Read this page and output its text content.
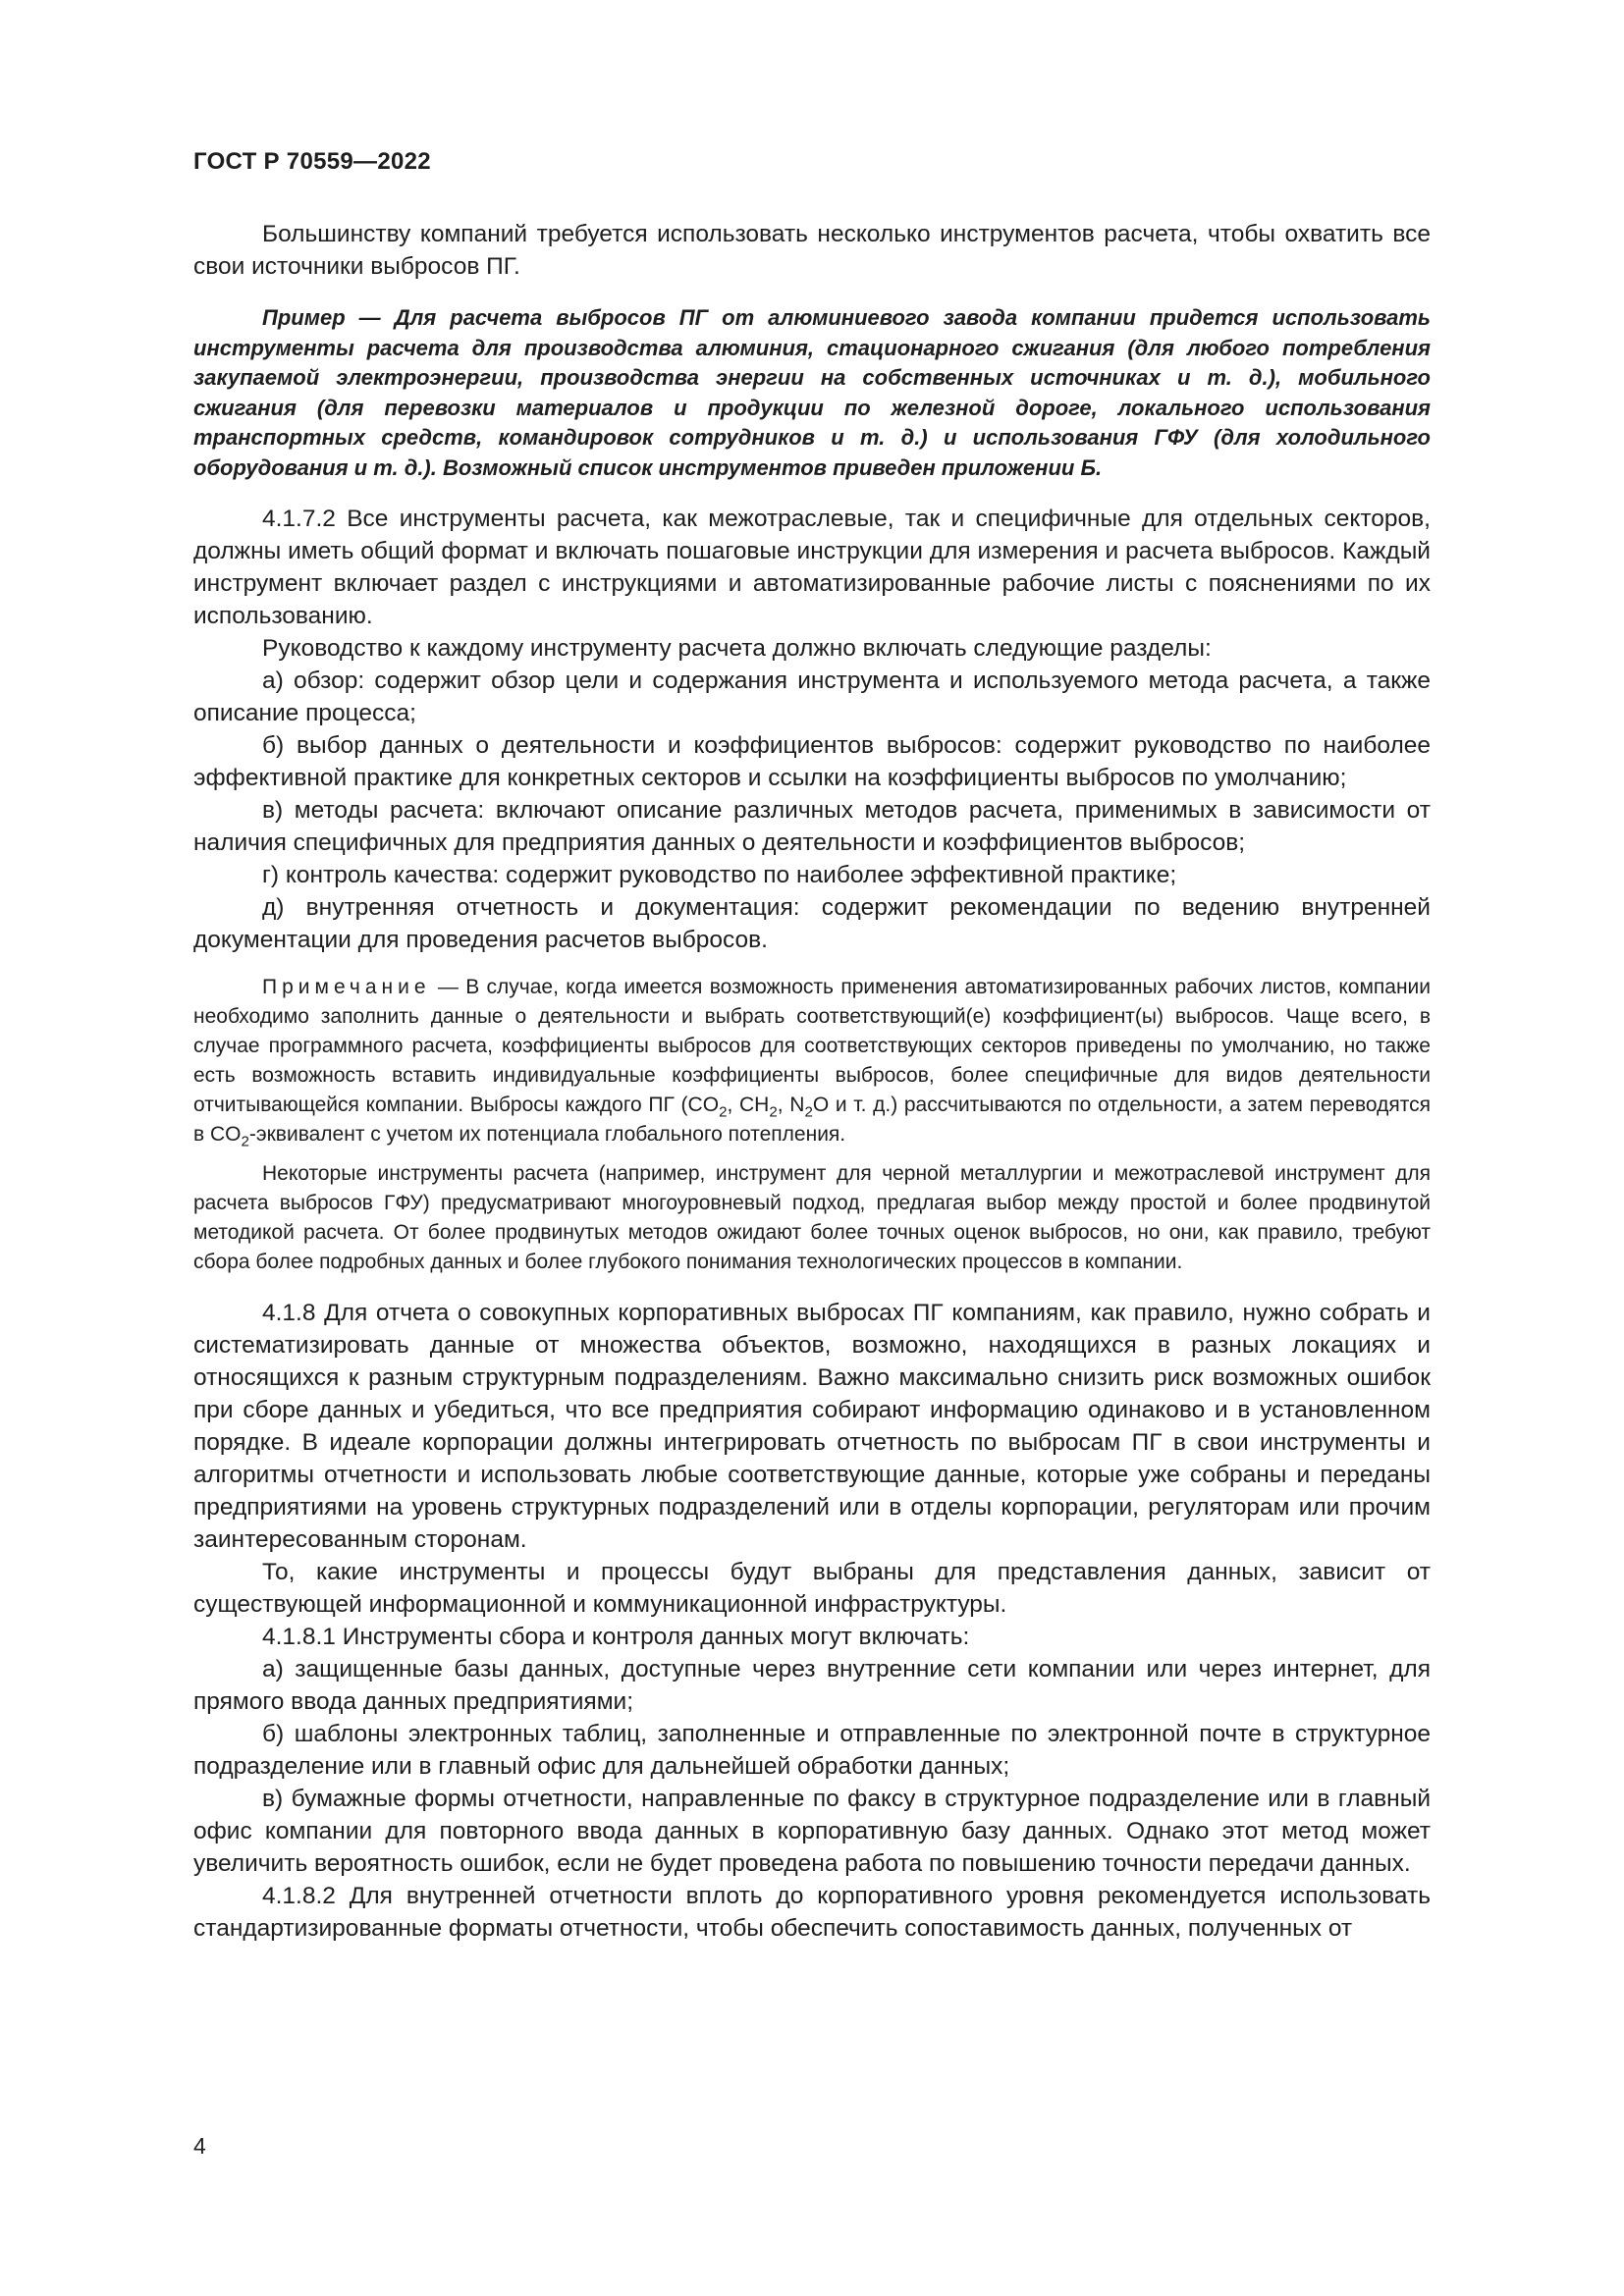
ГОСТ Р 70559—2022

Большинству компаний требуется использовать несколько инструментов расчета, чтобы охватить все свои источники выбросов ПГ.

Пример — Для расчета выбросов ПГ от алюминиевого завода компании придется использовать инструменты расчета для производства алюминия, стационарного сжигания (для любого потребления закупаемой электроэнергии, производства энергии на собственных источниках и т. д.), мобильного сжигания (для перевозки материалов и продукции по железной дороге, локального использования транспортных средств, командировок сотрудников и т. д.) и использования ГФУ (для холодильного оборудования и т. д.). Возможный список инструментов приведен приложении Б.

4.1.7.2 Все инструменты расчета, как межотраслевые, так и специфичные для отдельных секторов, должны иметь общий формат и включать пошаговые инструкции для измерения и расчета выбросов. Каждый инструмент включает раздел с инструкциями и автоматизированные рабочие листы с пояснениями по их использованию.

Руководство к каждому инструменту расчета должно включать следующие разделы:

а) обзор: содержит обзор цели и содержания инструмента и используемого метода расчета, а также описание процесса;

б) выбор данных о деятельности и коэффициентов выбросов: содержит руководство по наиболее эффективной практике для конкретных секторов и ссылки на коэффициенты выбросов по умолчанию;

в) методы расчета: включают описание различных методов расчета, применимых в зависимости от наличия специфичных для предприятия данных о деятельности и коэффициентов выбросов;

г) контроль качества: содержит руководство по наиболее эффективной практике;

д) внутренняя отчетность и документация: содержит рекомендации по ведению внутренней документации для проведения расчетов выбросов.

Примечание — В случае, когда имеется возможность применения автоматизированных рабочих листов, компании необходимо заполнить данные о деятельности и выбрать соответствующий(е) коэффициент(ы) выбросов. Чаще всего, в случае программного расчета, коэффициенты выбросов для соответствующих секторов приведены по умолчанию, но также есть возможность вставить индивидуальные коэффициенты выбросов, более специфичные для видов деятельности отчитывающейся компании. Выбросы каждого ПГ ($CO_2$, $CH_2$, $N_2O$ и т. д.) рассчитываются по отдельности, а затем переводятся в $CO_2$-эквивалент с учетом их потенциала глобального потепления.

Некоторые инструменты расчета (например, инструмент для черной металлургии и межотраслевой инструмент для расчета выбросов ГФУ) предусматривают многоуровневый подход, предлагая выбор между простой и более продвинутой методикой расчета. От более продвинутых методов ожидают более точных оценок выбросов, но они, как правило, требуют сбора более подробных данных и более глубокого понимания технологических процессов в компании.

4.1.8 Для отчета о совокупных корпоративных выбросах ПГ компаниям, как правило, нужно собрать и систематизировать данные от множества объектов, возможно, находящихся в разных локациях и относящихся к разным структурным подразделениям. Важно максимально снизить риск возможных ошибок при сборе данных и убедиться, что все предприятия собирают информацию одинаково и в установленном порядке. В идеале корпорации должны интегрировать отчетность по выбросам ПГ в свои инструменты и алгоритмы отчетности и использовать любые соответствующие данные, которые уже собраны и переданы предприятиями на уровень структурных подразделений или в отделы корпорации, регуляторам или прочим заинтересованным сторонам.

То, какие инструменты и процессы будут выбраны для представления данных, зависит от существующей информационной и коммуникационной инфраструктуры.

4.1.8.1 Инструменты сбора и контроля данных могут включать:

а) защищенные базы данных, доступные через внутренние сети компании или через интернет, для прямого ввода данных предприятиями;

б) шаблоны электронных таблиц, заполненные и отправленные по электронной почте в структурное подразделение или в главный офис для дальнейшей обработки данных;

в) бумажные формы отчетности, направленные по факсу в структурное подразделение или в главный офис компании для повторного ввода данных в корпоративную базу данных. Однако этот метод может увеличить вероятность ошибок, если не будет проведена работа по повышению точности передачи данных.

4.1.8.2 Для внутренней отчетности вплоть до корпоративного уровня рекомендуется использовать стандартизированные форматы отчетности, чтобы обеспечить сопоставимость данных, полученных от

4
